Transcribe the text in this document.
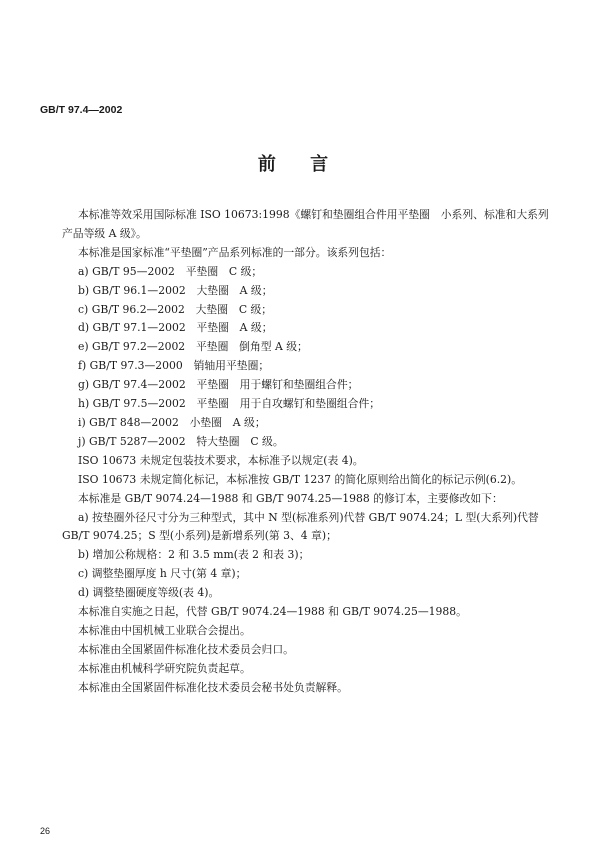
GB/T 97.4—2002
前 言

本标准等效采用国际标准 ISO 10673:1998《螺钉和垫圈组合件用平垫圈　小系列、标准和大系列　产品等级 A 级》。

本标准是国家标准“平垫圈”产品系列标准的一部分。该系列包括：

a) GB/T 95—2002　平垫圈　C 级；

b) GB/T 96.1—2002　大垫圈　A 级；

c) GB/T 96.2—2002　大垫圈　C 级；

d) GB/T 97.1—2002　平垫圈　A 级；

e) GB/T 97.2—2002　平垫圈　倒角型 A 级；

f) GB/T 97.3—2000　销轴用平垫圈；

g) GB/T 97.4—2002　平垫圈　用于螺钉和垫圈组合件；

h) GB/T 97.5—2002　平垫圈　用于自攻螺钉和垫圈组合件；

i) GB/T 848—2002　小垫圈　A 级；

j) GB/T 5287—2002　特大垫圈　C 级。

ISO 10673 未规定包装技术要求，本标准予以规定(表 4)。

ISO 10673 未规定简化标记，本标准按 GB/T 1237 的简化原则给出简化的标记示例(6.2)。

本标准是 GB/T 9074.24—1988 和 GB/T 9074.25—1988 的修订本，主要修改如下：

a) 按垫圈外径尺寸分为三种型式，其中 N 型(标准系列)代替 GB/T 9074.24；L 型(大系列)代替 GB/T 9074.25；S 型(小系列)是新增系列(第 3、4 章)；

b) 增加公称规格：2 和 3.5 mm(表 2 和表 3)；

c) 调整垫圈厚度 h 尺寸(第 4 章)；

d) 调整垫圈硬度等级(表 4)。

本标准自实施之日起，代替 GB/T 9074.24—1988 和 GB/T 9074.25—1988。

本标准由中国机械工业联合会提出。

本标准由全国紧固件标准化技术委员会归口。

本标准由机械科学研究院负责起草。

本标准由全国紧固件标准化技术委员会秘书处负责解释。

26
